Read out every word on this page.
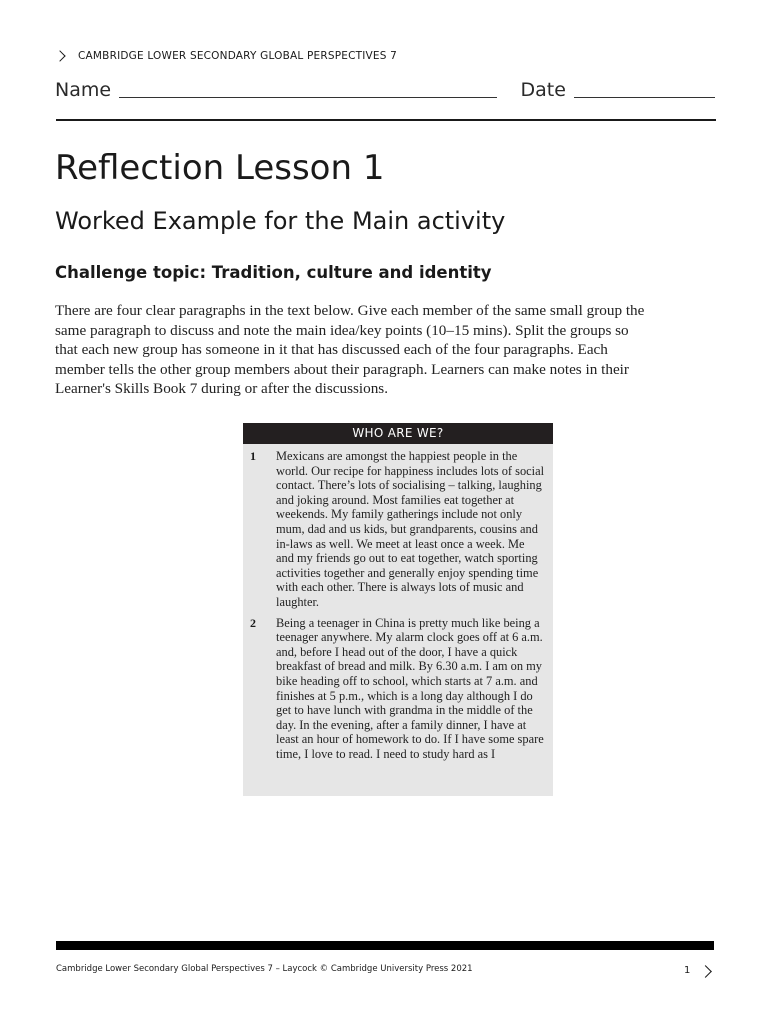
CAMBRIDGE LOWER SECONDARY GLOBAL PERSPECTIVES 7
Name	Date
Reflection Lesson 1
Worked Example for the Main activity
Challenge topic: Tradition, culture and identity

There are four clear paragraphs in the text below. Give each member of the same small group the same paragraph to discuss and note the main idea/key points (10–15 mins). Split the groups so that each new group has someone in it that has discussed each of the four paragraphs. Each member tells the other group members about their paragraph. Learners can make notes in their Learner's Skills Book 7 during or after the discussions.

WHO ARE WE?
1	Mexicans are amongst the happiest people in the world. Our recipe for happiness includes lots of social contact. There’s lots of socialising – talking, laughing and joking around. Most families eat together at weekends. My family gatherings include not only mum, dad and us kids, but grandparents, cousins and in-laws as well. We meet at least once a week. Me and my friends go out to eat together, watch sporting activities together and generally enjoy spending time with each other. There is always lots of music and laughter.
2	Being a teenager in China is pretty much like being a teenager anywhere. My alarm clock goes off at 6 a.m. and, before I head out of the door, I have a quick breakfast of bread and milk. By 6.30 a.m. I am on my bike heading off to school, which starts at 7 a.m. and finishes at 5 p.m., which is a long day although I do get to have lunch with grandma in the middle of the day. In the evening, after a family dinner, I have at least an hour of homework to do. If I have some spare time, I love to read. I need to study hard as I
Cambridge Lower Secondary Global Perspectives 7 – Laycock © Cambridge University Press 2021	1
